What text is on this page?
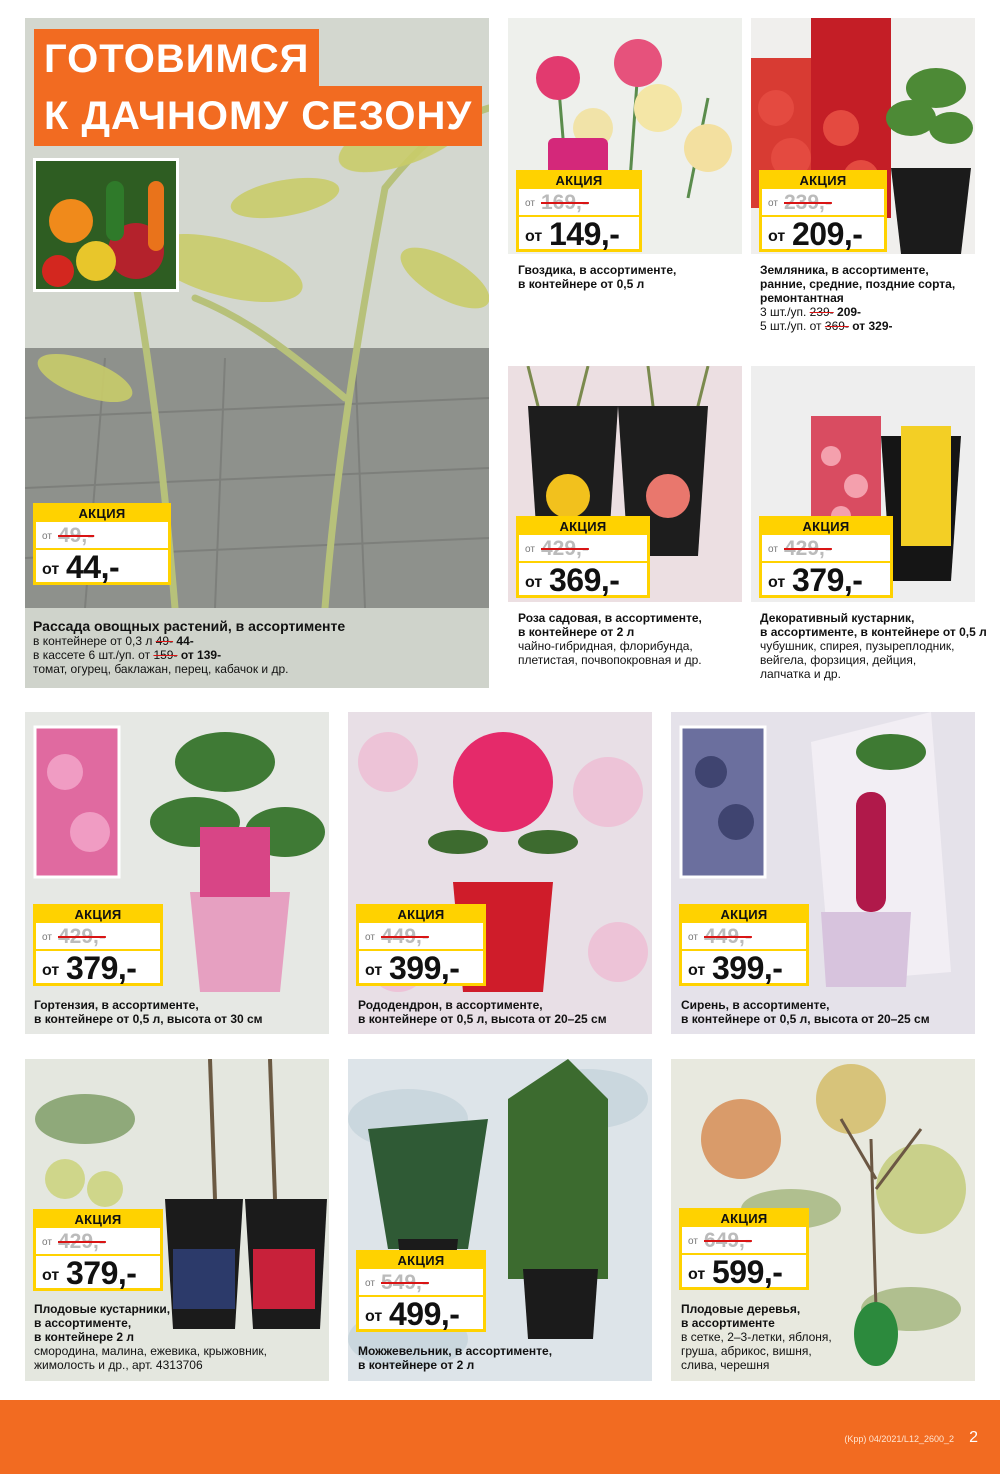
ГОТОВИМСЯ
К ДАЧНОМУ СЕЗОНУ
АКЦИЯ
от 49,-
от 44,-
Рассада овощных растений, в ассортименте
в контейнере от 0,3 л 49- 44-
в кассете 6 шт./уп. от 159- от 139-
томат, огурец, баклажан, перец, кабачок и др.
АКЦИЯ
от 169,-
от 149,-
Гвоздика, в ассортименте,
в контейнере от 0,5 л
АКЦИЯ
от 239,-
от 209,-
Земляника, в ассортименте,
ранние, средние, поздние сорта,
ремонтантная
3 шт./уп. 239- 209-
5 шт./уп. от 369- от 329-
АКЦИЯ
от 429,-
от 369,-
Роза садовая, в ассортименте,
в контейнере от 2 л
чайно-гибридная, флорибунда,
плетистая, почвопокровная и др.
АКЦИЯ
от 429,-
от 379,-
Декоративный кустарник,
в ассортименте, в контейнере от 0,5 л
чубушник, спирея, пузыреплодник,
вейгела, форзиция, дейция,
лапчатка и др.
АКЦИЯ
от 429,-
от 379,-
Гортензия, в ассортименте,
в контейнере от 0,5 л, высота от 30 см
АКЦИЯ
от 449,-
от 399,-
Рододендрон, в ассортименте,
в контейнере от 0,5 л, высота от 20–25 см
АКЦИЯ
от 449,-
от 399,-
Сирень, в ассортименте,
в контейнере от 0,5 л, высота от 20–25 см
АКЦИЯ
от 429,-
от 379,-
Плодовые кустарники,
в ассортименте,
в контейнере 2 л
смородина, малина, ежевика, крыжовник,
жимолость и др., арт. 4313706
АКЦИЯ
от 549,-
от 499,-
Можжевельник, в ассортименте,
в контейнере от 2 л
АКЦИЯ
от 649,-
от 599,-
Плодовые деревья,
в ассортименте
в сетке, 2–3-летки, яблоня,
груша, абрикос, вишня,
слива, черешня
(Kpp) 04/2021/L12_2600_2 2
